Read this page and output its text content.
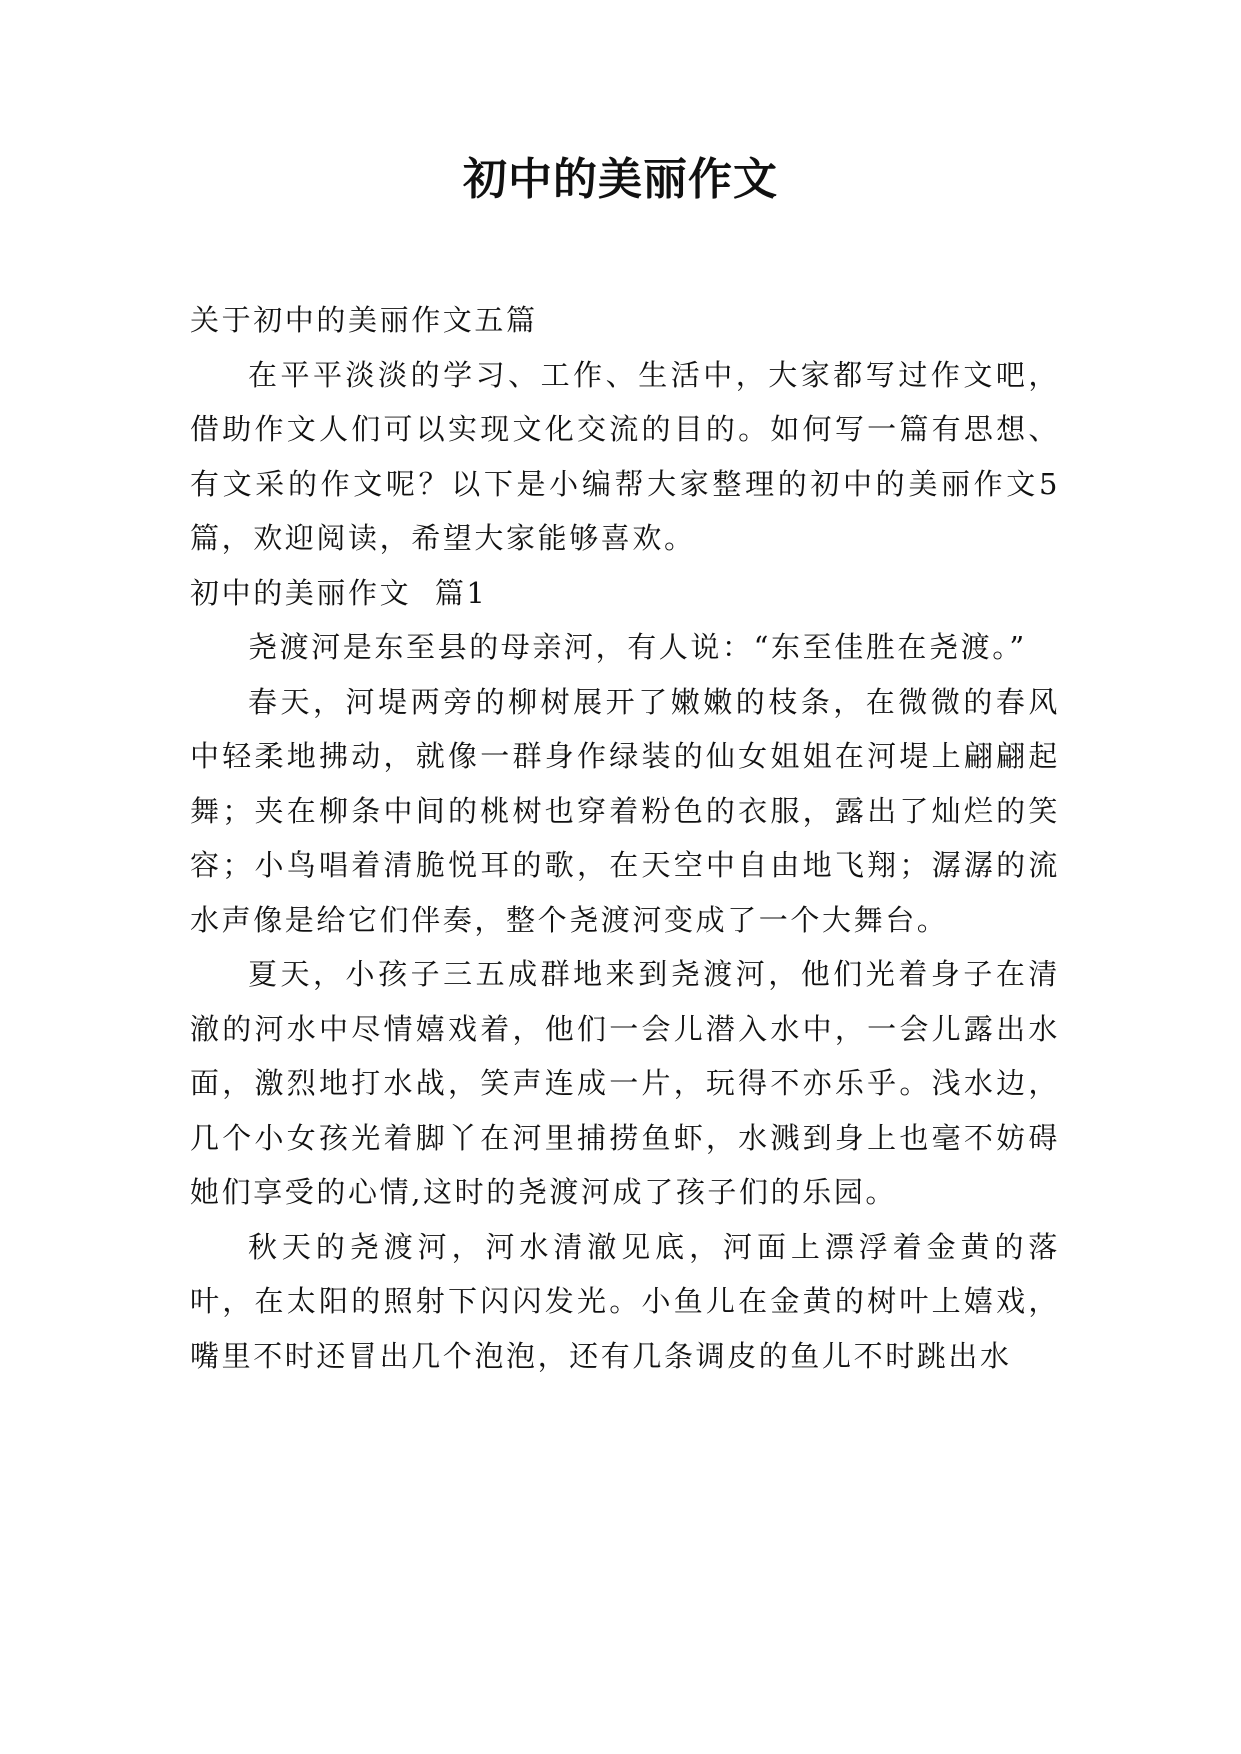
初中的美丽作文

关于初中的美丽作文五篇

在平平淡淡的学习、工作、生活中，大家都写过作文吧，借助作文人们可以实现文化交流的目的。如何写一篇有思想、有文采的作文呢？以下是小编帮大家整理的初中的美丽作文5篇，欢迎阅读，希望大家能够喜欢。

初中的美丽作文  篇1

尧渡河是东至县的母亲河，有人说：“东至佳胜在尧渡。”

春天，河堤两旁的柳树展开了嫩嫩的枝条，在微微的春风中轻柔地拂动，就像一群身作绿装的仙女姐姐在河堤上翩翩起舞；夹在柳条中间的桃树也穿着粉色的衣服，露出了灿烂的笑容；小鸟唱着清脆悦耳的歌，在天空中自由地飞翔；潺潺的流水声像是给它们伴奏，整个尧渡河变成了一个大舞台。

夏天，小孩子三五成群地来到尧渡河，他们光着身子在清澈的河水中尽情嬉戏着，他们一会儿潜入水中，一会儿露出水面，激烈地打水战，笑声连成一片，玩得不亦乐乎。浅水边，几个小女孩光着脚丫在河里捕捞鱼虾，水溅到身上也毫不妨碍她们享受的心情,这时的尧渡河成了孩子们的乐园。

秋天的尧渡河，河水清澈见底，河面上漂浮着金黄的落叶，在太阳的照射下闪闪发光。小鱼儿在金黄的树叶上嬉戏，嘴里不时还冒出几个泡泡，还有几条调皮的鱼儿不时跳出水
